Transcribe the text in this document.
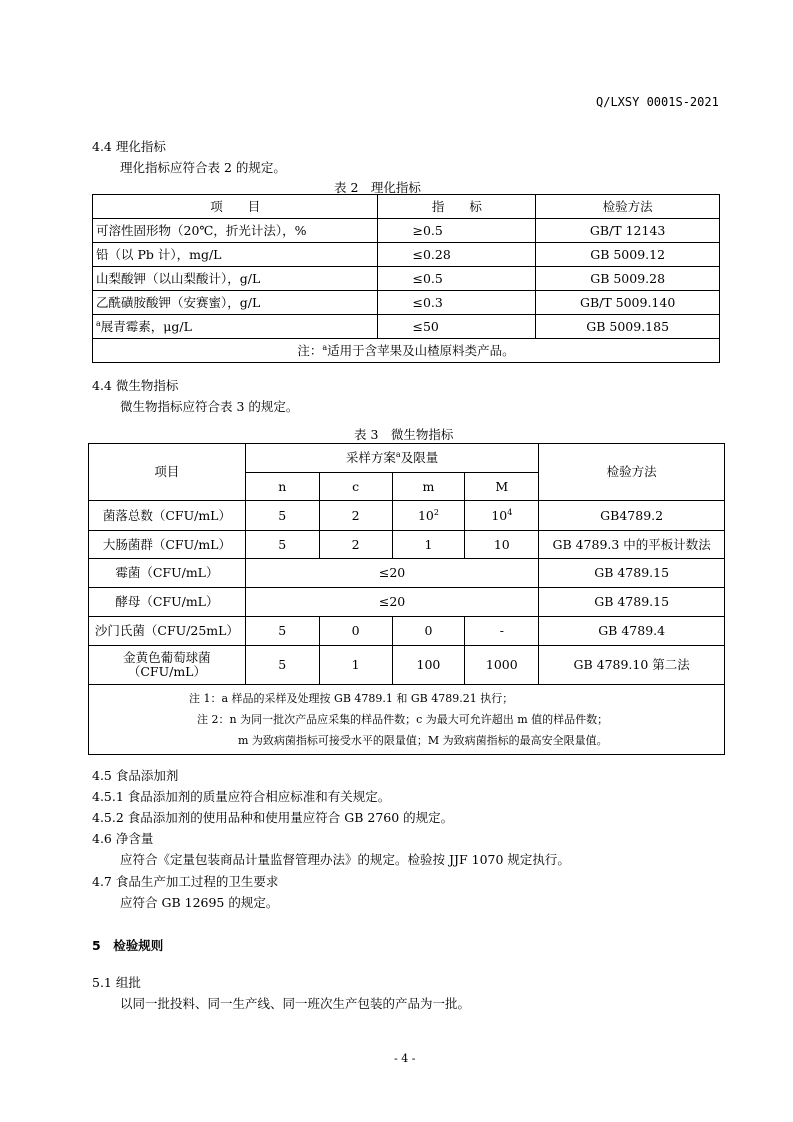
Q/LXSY 0001S-2021
4.4 理化指标
理化指标应符合表 2 的规定。
表 2　理化指标
项　　目	指　　标	检验方法
可溶性固形物（20℃，折光计法），%	≥0.5	GB/T 12143
铅（以 Pb 计），mg/L	≤0.28	GB 5009.12
山梨酸钾（以山梨酸计），g/L	≤0.5	GB 5009.28
乙酰磺胺酸钾（安赛蜜），g/L	≤0.3	GB/T 5009.140
$^a$展青霉素，μg/L	≤50	GB 5009.185
注：$^a$适用于含苹果及山楂原料类产品。		
4.4 微生物指标
微生物指标应符合表 3 的规定。
表 3　微生物指标
项目	采样方案$^a$及限量				检验方法
	n	c	m	M	
菌落总数（CFU/mL）	5	2	$10^2$	$10^4$	GB4789.2
大肠菌群（CFU/mL）	5	2	1	10	GB 4789.3 中的平板计数法
霉菌（CFU/mL）	≤20				GB 4789.15
酵母（CFU/mL）	≤20				GB 4789.15
沙门氏菌（CFU/25mL）	5	0	0	-	GB 4789.4

金黄色葡萄球菌
（CFU/mL）	5	1	100	1000	GB 4789.10 第二法

注 1：a 样品的采样及处理按 GB 4789.1 和 GB 4789.21 执行；
注 2：n 为同一批次产品应采集的样品件数；c 为最大可允许超出 m 值的样品件数；
m 为致病菌指标可接受水平的限量值；M 为致病菌指标的最高安全限量值。					
4.5 食品添加剂
4.5.1 食品添加剂的质量应符合相应标准和有关规定。
4.5.2 食品添加剂的使用品种和使用量应符合 GB 2760 的规定。
4.6 净含量
应符合《定量包装商品计量监督管理办法》的规定。检验按 JJF 1070 规定执行。
4.7 食品生产加工过程的卫生要求
应符合 GB 12695 的规定。
5　检验规则
5.1 组批
以同一批投料、同一生产线、同一班次生产包装的产品为一批。
- 4 -
